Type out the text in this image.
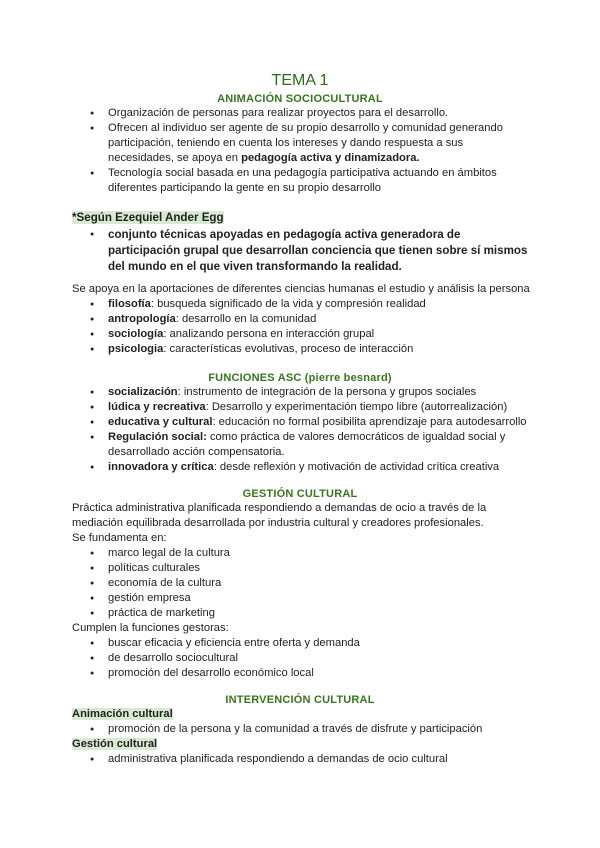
TEMA 1
ANIMACIÓN SOCIOCULTURAL
● Organización de personas para realizar proyectos para el desarrollo.
● Ofrecen al individuo ser agente de su propio desarrollo y comunidad generando participación, teniendo en cuenta los intereses y dando respuesta a sus necesidades, se apoya en pedagogía activa y dinamizadora.
● Tecnología social basada en una pedagogía participativa actuando en ámbitos diferentes participando la gente en su propio desarrollo
*Según Ezequiel Ander Egg
● conjunto técnicas apoyadas en pedagogía activa generadora de participación grupal que desarrollan conciencia que tienen sobre sí mismos del mundo en el que viven transformando la realidad.
Se apoya en la aportaciones de diferentes ciencias humanas el estudio y análisis la persona
● filosofía: busqueda significado de la vida y compresión realidad
● antropología: desarrollo en la comunidad
● sociología: analizando persona en interacción grupal
● psicologia: características evolutivas, proceso de interacción
FUNCIONES ASC (pierre besnard)
● socialización: instrumento de integración de la persona y grupos sociales
● lúdica y recreativa: Desarrollo y experimentación tiempo libre (autorrealización)
● educativa y cultural: educación no formal posibilita aprendizaje para autodesarrollo
● Regulación social: como práctica de valores democráticos de igualdad social y desarrollado acción compensatoria.
● innovadora y crítica: desde reflexión y motivación de actividad crítica creativa
GESTIÓN CULTURAL
Práctica administrativa planificada respondiendo a demandas de ocio a través de la mediación equilibrada desarrollada por industria cultural y creadores profesionales.
Se fundamenta en:
● marco legal de la cultura
● políticas culturales
● economía de la cultura
● gestión empresa
● práctica de marketing
Cumplen la funciones gestoras:
● buscar eficacia y eficiencia entre oferta y demanda
● de desarrollo sociocultural
● promoción del desarrollo económico local
INTERVENCIÓN CULTURAL
Animación cultural
● promoción de la persona y la comunidad a través de disfrute y participación
Gestión cultural
● administrativa planificada respondiendo a demandas de ocio cultural
